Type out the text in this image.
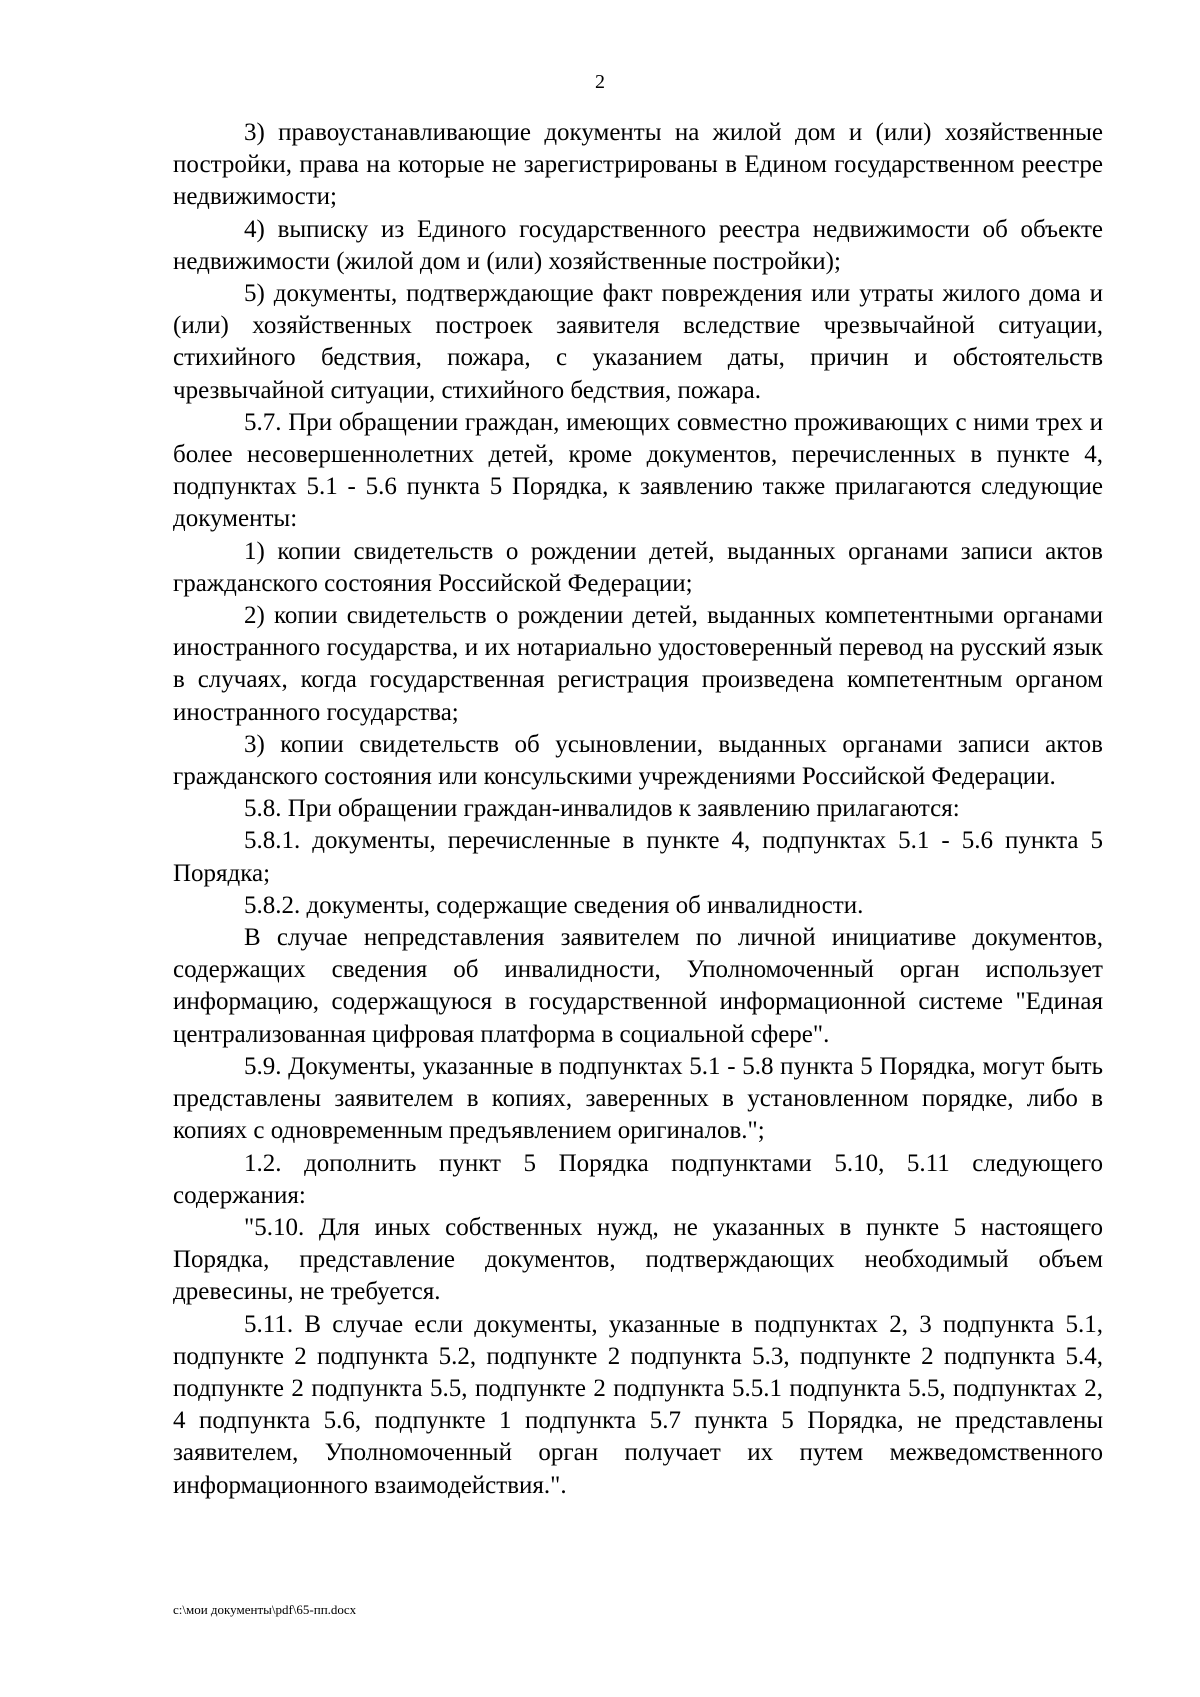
2

3) правоустанавливающие документы на жилой дом и (или) хозяйственные постройки, права на которые не зарегистрированы в Едином государственном реестре недвижимости;

4) выписку из Единого государственного реестра недвижимости об объекте недвижимости (жилой дом и (или) хозяйственные постройки);

5) документы, подтверждающие факт повреждения или утраты жилого дома и (или) хозяйственных построек заявителя вследствие чрезвычайной ситуации, стихийного бедствия, пожара, с указанием даты, причин и обстоятельств чрезвычайной ситуации, стихийного бедствия, пожара.

5.7. При обращении граждан, имеющих совместно проживающих с ними трех и более несовершеннолетних детей, кроме документов, перечисленных в пункте 4, подпунктах 5.1 - 5.6 пункта 5 Порядка, к заявлению также прилагаются следующие документы:

1) копии свидетельств о рождении детей, выданных органами записи актов гражданского состояния Российской Федерации;

2) копии свидетельств о рождении детей, выданных компетентными органами иностранного государства, и их нотариально удостоверенный перевод на русский язык в случаях, когда государственная регистрация произведена компетентным органом иностранного государства;

3) копии свидетельств об усыновлении, выданных органами записи актов гражданского состояния или консульскими учреждениями Российской Федерации.

5.8. При обращении граждан-инвалидов к заявлению прилагаются:

5.8.1. документы, перечисленные в пункте 4, подпунктах 5.1 - 5.6 пункта 5 Порядка;

5.8.2. документы, содержащие сведения об инвалидности.

В случае непредставления заявителем по личной инициативе документов, содержащих сведения об инвалидности, Уполномоченный орган использует информацию, содержащуюся в государственной информационной системе "Единая централизованная цифровая платформа в социальной сфере".

5.9. Документы, указанные в подпунктах 5.1 - 5.8 пункта 5 Порядка, могут быть представлены заявителем в копиях, заверенных в установленном порядке, либо в копиях с одновременным предъявлением оригиналов.";

1.2. дополнить пункт 5 Порядка подпунктами 5.10, 5.11 следующего содержания:

"5.10. Для иных собственных нужд, не указанных в пункте 5 настоящего Порядка, представление документов, подтверждающих необходимый объем древесины, не требуется.

5.11. В случае если документы, указанные в подпунктах 2, 3 подпункта 5.1, подпункте 2 подпункта 5.2, подпункте 2 подпункта 5.3, подпункте 2 подпункта 5.4, подпункте 2 подпункта 5.5, подпункте 2 подпункта 5.5.1 подпункта 5.5, подпунктах 2, 4 подпункта 5.6, подпункте 1 подпункта 5.7 пункта 5 Порядка, не представлены заявителем, Уполномоченный орган получает их путем межведомственного информационного взаимодействия.".

c:\мои документы\pdf\65-пп.docx
